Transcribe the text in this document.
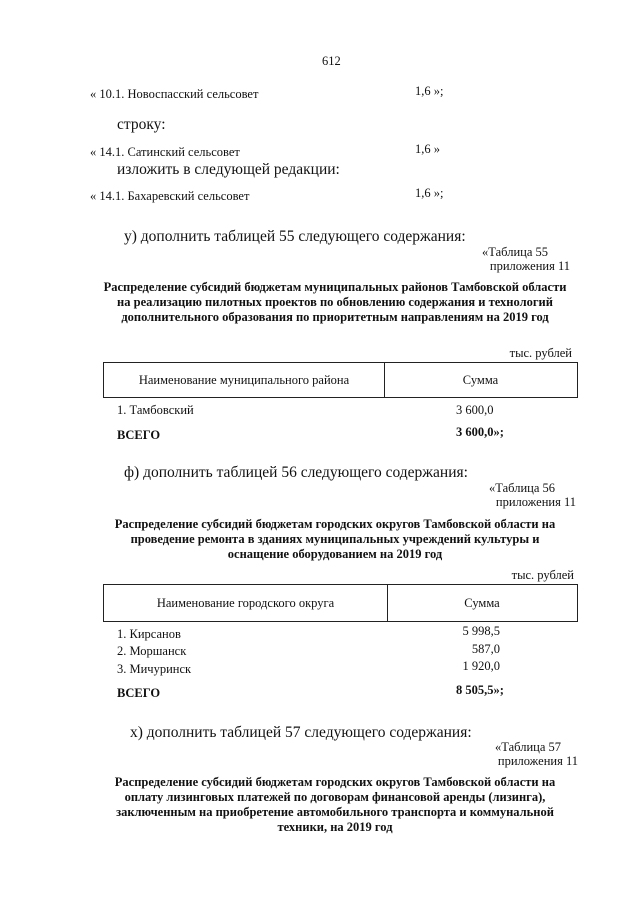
612
« 10.1. Новоспасский сельсовет	1,6 »;
строку:
« 14.1. Сатинский сельсовет	1,6 »
изложить в следующей редакции:
« 14.1. Бахаревский сельсовет	1,6 »;
у) дополнить таблицей 55 следующего содержания:
«Таблица 55
приложения 11
Распределение субсидий бюджетам муниципальных районов Тамбовской области на реализацию пилотных проектов по обновлению содержания и технологий дополнительного образования по приоритетным направлениям на 2019 год
тыс. рублей
Наименование муниципального района	Сумма
1. Тамбовский	3 600,0
ВСЕГО	3 600,0»;
ф) дополнить таблицей 56 следующего содержания:
«Таблица 56
приложения 11
Распределение субсидий бюджетам городских округов Тамбовской области на проведение ремонта в зданиях муниципальных учреждений культуры и оснащение оборудованием на 2019 год
тыс. рублей
Наименование городского округа	Сумма
1. Кирсанов	5 998,5
2. Моршанск	587,0
3. Мичуринск	1 920,0
ВСЕГО	8 505,5»;
х) дополнить таблицей 57 следующего содержания:
«Таблица 57
приложения 11
Распределение субсидий бюджетам городских округов Тамбовской области на оплату лизинговых платежей по договорам финансовой аренды (лизинга), заключенным на приобретение автомобильного транспорта и коммунальной техники, на 2019 год
